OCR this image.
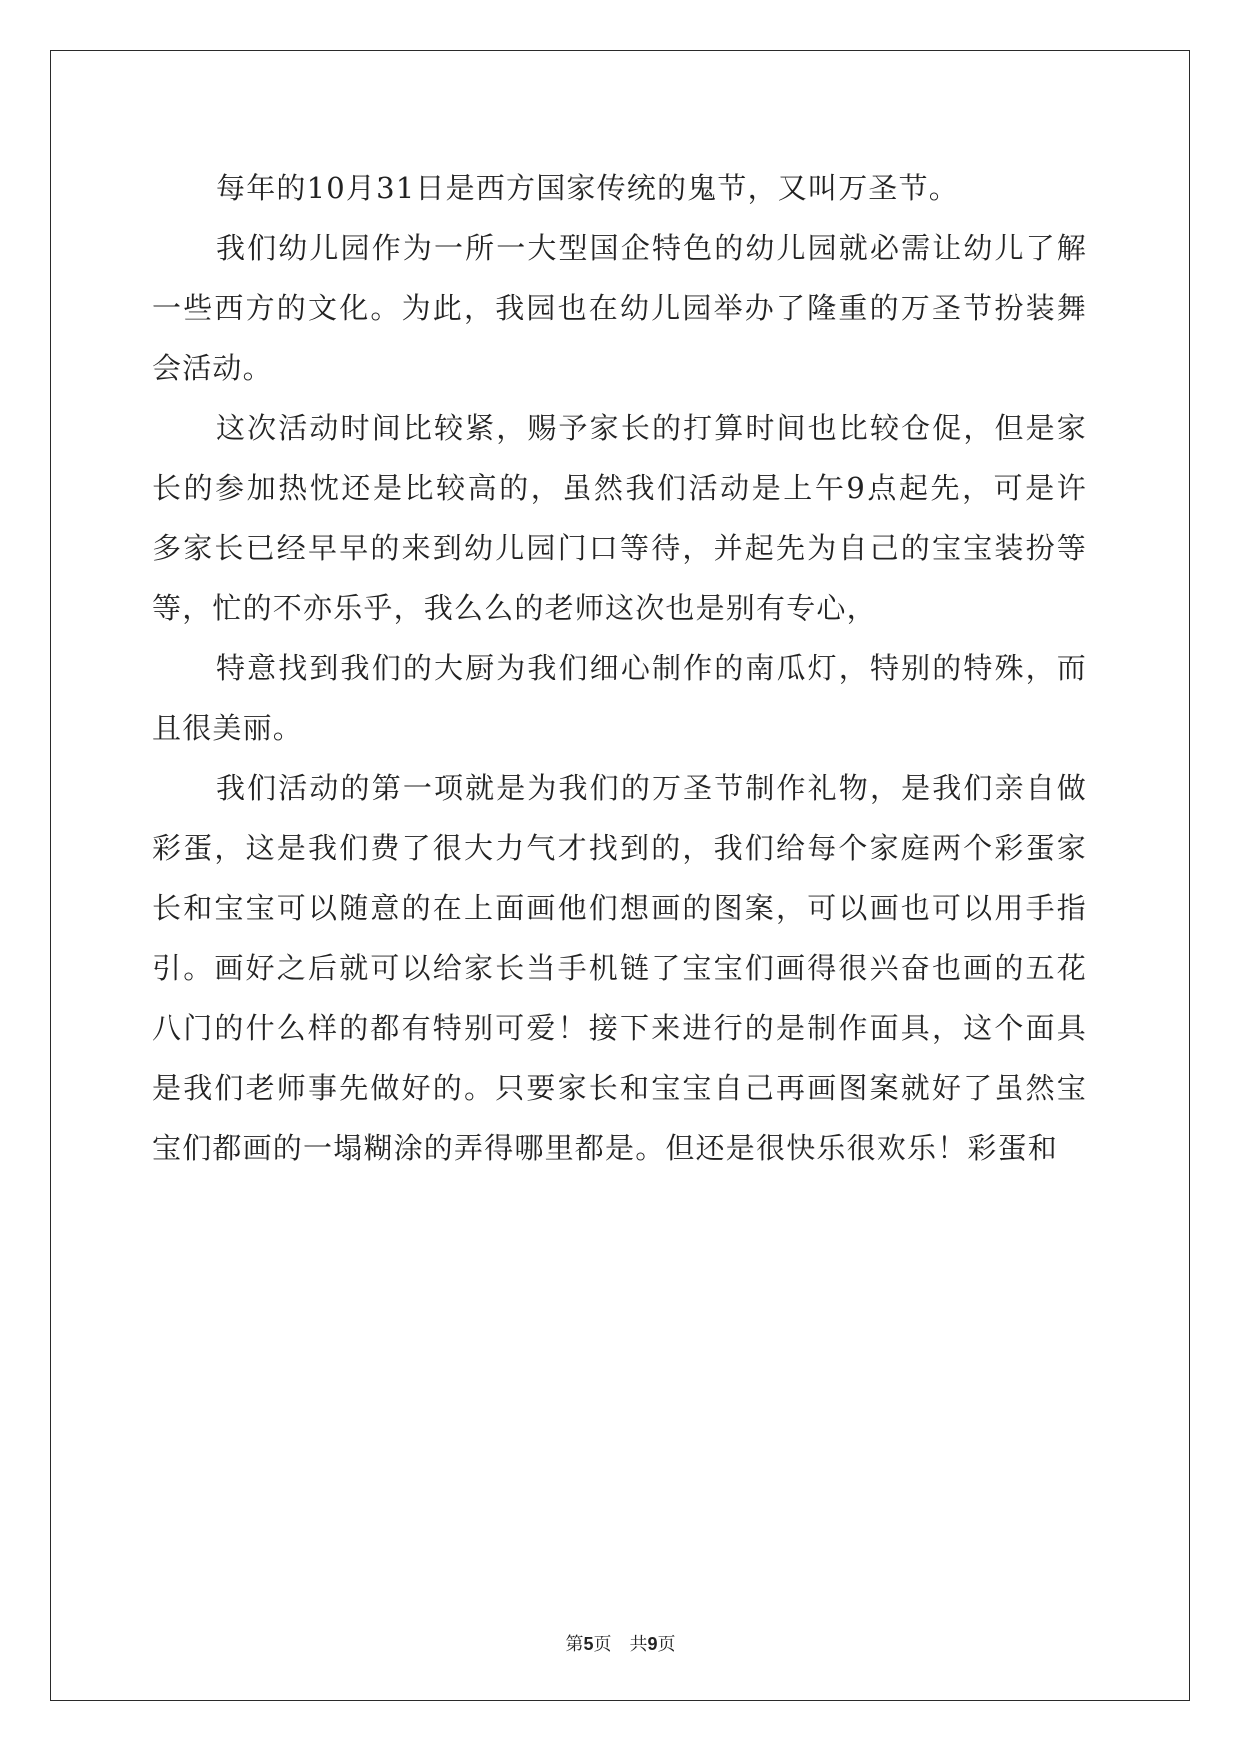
每年的10月31日是西方国家传统的鬼节，又叫万圣节。

我们幼儿园作为一所一大型国企特色的幼儿园就必需让幼儿了解
一些西方的文化。为此，我园也在幼儿园举办了隆重的万圣节扮装舞
会活动。

这次活动时间比较紧，赐予家长的打算时间也比较仓促，但是家
长的参加热忱还是比较高的，虽然我们活动是上午9点起先，可是许
多家长已经早早的来到幼儿园门口等待，并起先为自己的宝宝装扮等
等，忙的不亦乐乎，我么么的老师这次也是别有专心，

特意找到我们的大厨为我们细心制作的南瓜灯，特别的特殊，而
且很美丽。

我们活动的第一项就是为我们的万圣节制作礼物，是我们亲自做
彩蛋，这是我们费了很大力气才找到的，我们给每个家庭两个彩蛋家
长和宝宝可以随意的在上面画他们想画的图案，可以画也可以用手指
引。画好之后就可以给家长当手机链了宝宝们画得很兴奋也画的五花
八门的什么样的都有特别可爱！接下来进行的是制作面具，这个面具
是我们老师事先做好的。只要家长和宝宝自己再画图案就好了虽然宝
宝们都画的一塌糊涂的弄得哪里都是。但还是很快乐很欢乐！彩蛋和

第5页 共9页
